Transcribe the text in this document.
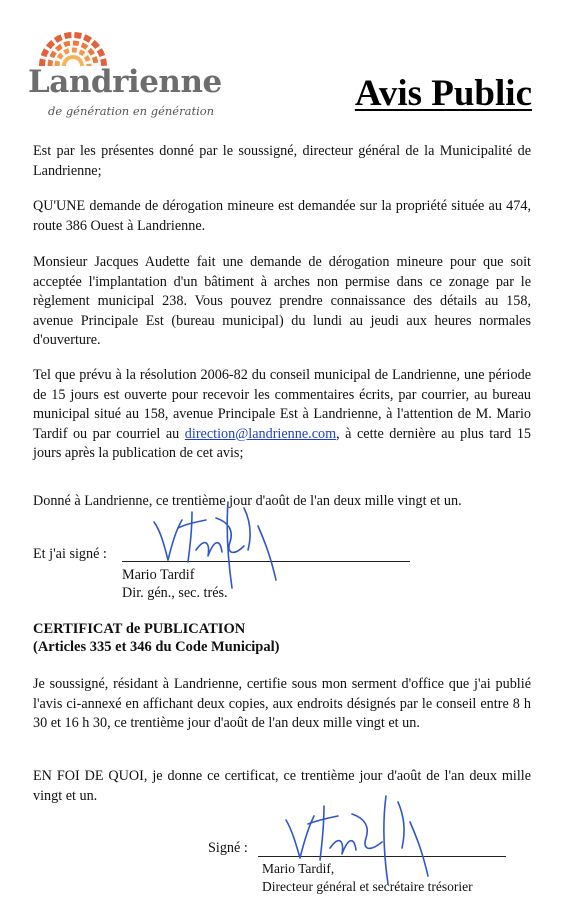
Landrienne
de génération en génération	Avis Public

Est par les présentes donné par le soussigné, directeur général de la Municipalité de Landrienne;

QU'UNE demande de dérogation mineure est demandée sur la propriété située au 474, route 386 Ouest à Landrienne.

Monsieur Jacques Audette fait une demande de dérogation mineure pour que soit acceptée l'implantation d'un bâtiment à arches non permise dans ce zonage par le règlement municipal 238. Vous pouvez prendre connaissance des détails au 158, avenue Principale Est (bureau municipal) du lundi au jeudi aux heures normales d'ouverture.

Tel que prévu à la résolution 2006-82 du conseil municipal de Landrienne, une période de 15 jours est ouverte pour recevoir les commentaires écrits, par courrier, au bureau municipal situé au 158, avenue Principale Est à Landrienne, à l'attention de M. Mario Tardif ou par courriel au direction@landrienne.com, à cette dernière au plus tard 15 jours après la publication de cet avis;

Donné à Landrienne, ce trentième jour d'août de l'an deux mille vingt et un.

Et j'ai signé :
Mario Tardif
Dir. gén., sec. trés.
CERTIFICAT de PUBLICATION
(Articles 335 et 346 du Code Municipal)

Je soussigné, résidant à Landrienne, certifie sous mon serment d'office que j'ai publié l'avis ci-annexé en affichant deux copies, aux endroits désignés par le conseil entre 8 h 30 et 16 h 30, ce trentième jour d'août de l'an deux mille vingt et un.

EN FOI DE QUOI, je donne ce certificat, ce trentième jour d'août de l'an deux mille vingt et un.

Signé :
Mario Tardif,
Directeur général et secrétaire trésorier
